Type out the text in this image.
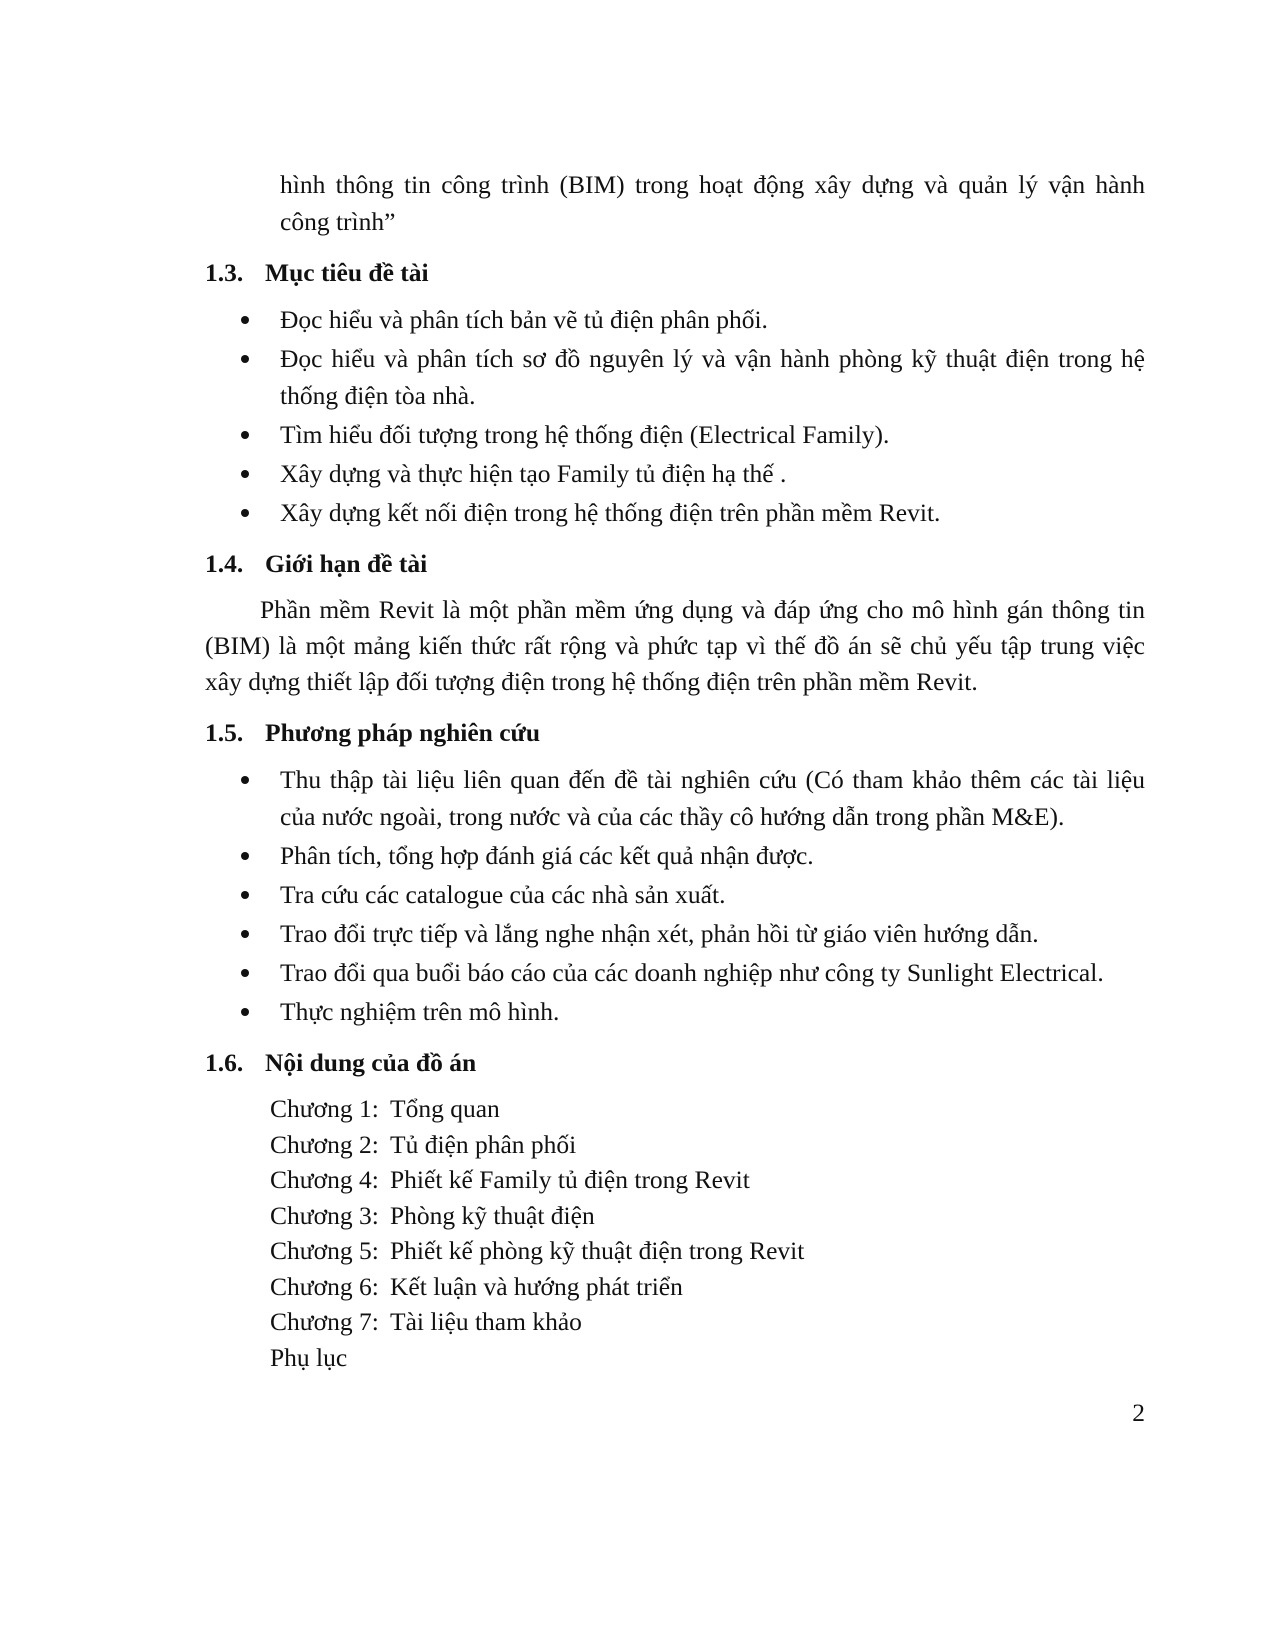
hình thông tin công trình (BIM) trong hoạt động xây dựng và quản lý vận hành
công trình”
1.3. Mục tiêu đề tài
Đọc hiểu và phân tích bản vẽ tủ điện phân phối.
Đọc hiểu và phân tích sơ đồ nguyên lý và vận hành phòng kỹ thuật điện trong hệ thống điện tòa nhà.
Tìm hiểu đối tượng trong hệ thống điện (Electrical Family).
Xây dựng và thực hiện tạo Family tủ điện hạ thế .
Xây dựng kết nối điện trong hệ thống điện trên phần mềm Revit.
1.4. Giới hạn đề tài

Phần mềm Revit là một phần mềm ứng dụng và đáp ứng cho mô hình gán thông tin (BIM) là một mảng kiến thức rất rộng và phức tạp vì thế đồ án sẽ chủ yếu tập trung việc xây dựng thiết lập đối tượng điện trong hệ thống điện trên phần mềm Revit.

1.5. Phương pháp nghiên cứu
Thu thập tài liệu liên quan đến đề tài nghiên cứu (Có tham khảo thêm các tài liệu của nước ngoài, trong nước và của các thầy cô hướng dẫn trong phần M&E).
Phân tích, tổng hợp đánh giá các kết quả nhận được.
Tra cứu các catalogue của các nhà sản xuất.
Trao đổi trực tiếp và lắng nghe nhận xét, phản hồi từ giáo viên hướng dẫn.
Trao đổi qua buổi báo cáo của các doanh nghiệp như công ty Sunlight Electrical.
Thực nghiệm trên mô hình.
1.6. Nội dung của đồ án
Chương 1: Tổng quan
Chương 2: Tủ điện phân phối
Chương 4: Phiết kế Family tủ điện trong Revit
Chương 3: Phòng kỹ thuật điện
Chương 5: Phiết kế phòng kỹ thuật điện trong Revit
Chương 6: Kết luận và hướng phát triển
Chương 7: Tài liệu tham khảo
Phụ lục
2
